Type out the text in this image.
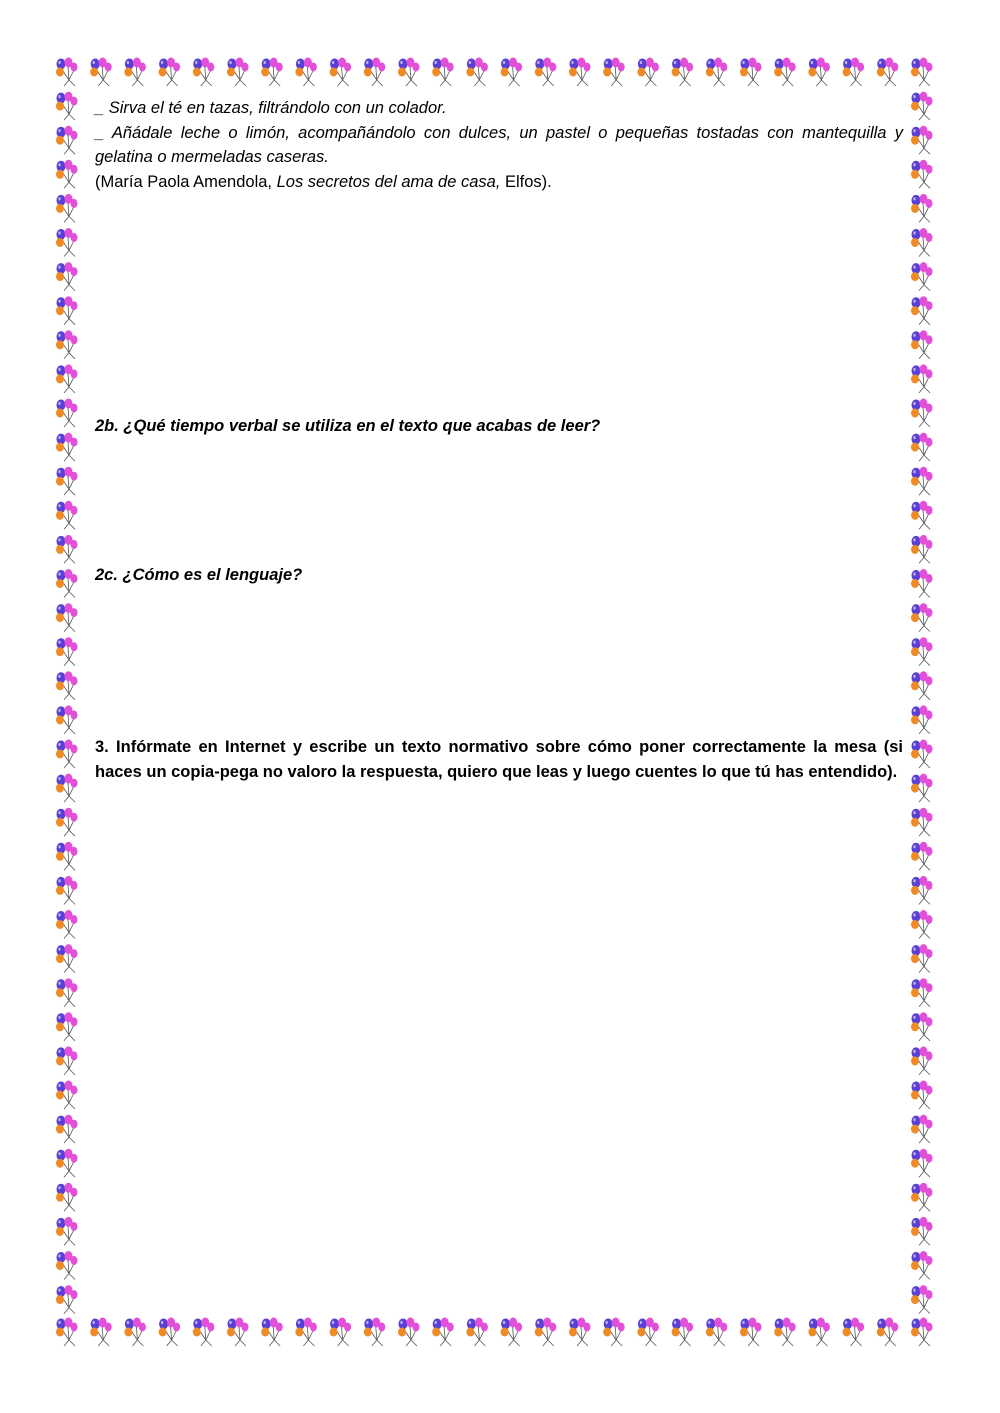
_ Sirva el té en tazas, filtrándolo con un colador.

_ Añádale leche o limón, acompañándolo con dulces, un pastel o pequeñas tostadas con mantequilla y gelatina o mermeladas caseras.

(María Paola Amendola, Los secretos del ama de casa, Elfos).

2b. ¿Qué tiempo verbal se utiliza en el texto que acabas de leer?

2c. ¿Cómo es el lenguaje?

3. Infórmate en Internet y escribe un texto normativo sobre cómo poner correctamente la mesa (si haces un copia-pega no valoro la respuesta, quiero que leas y luego cuentes lo que tú has entendido).
